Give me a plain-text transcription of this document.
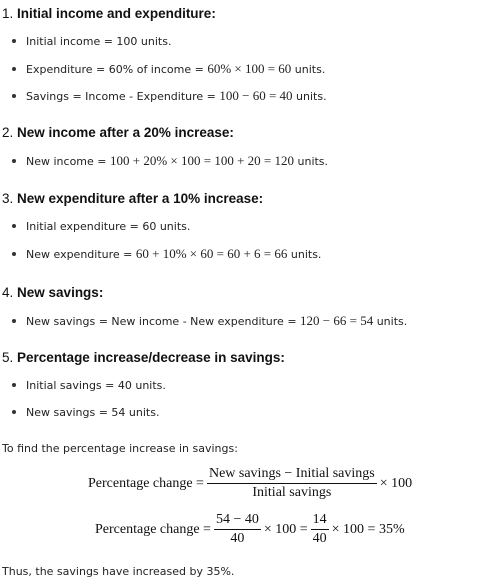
1. Initial income and expenditure:
Initial income = 100 units.
Expenditure = 60% of income = 60% × 100 = 60 units.
Savings = Income - Expenditure = 100 − 60 = 40 units.
2. New income after a 20% increase:
New income = 100 + 20% × 100 = 100 + 20 = 120 units.
3. New expenditure after a 10% increase:
Initial expenditure = 60 units.
New expenditure = 60 + 10% × 60 = 60 + 6 = 66 units.
4. New savings:
New savings = New income - New expenditure = 120 − 66 = 54 units.
5. Percentage increase/decrease in savings:
Initial savings = 40 units.
New savings = 54 units.
To find the percentage increase in savings:
Percentage change = $\frac{\text{New savings − Initial savings}}{\text{Initial savings}} \times 100$
Percentage change = $\frac{54 - 40}{40} \times 100 = \frac{14}{40} \times 100 = 35\%$
Thus, the savings have increased by 35%.
